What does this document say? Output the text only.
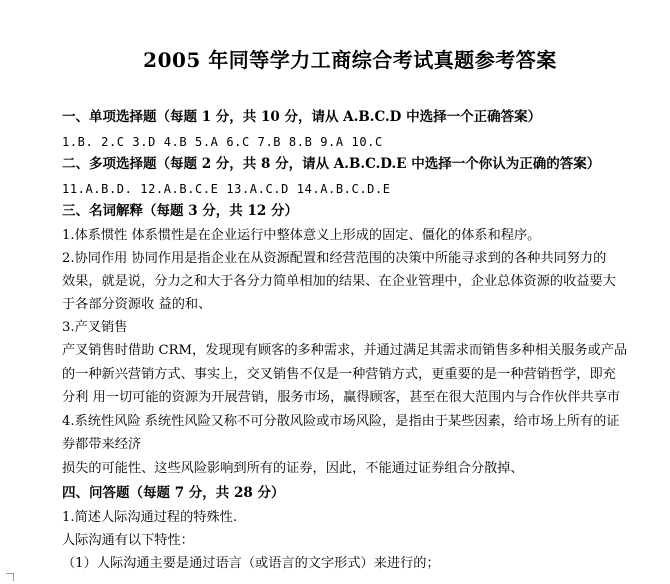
2005 年同等学力工商综合考试真题参考答案
一、单项选择题（每题 1 分，共 10 分，请从 A.B.C.D 中选择一个正确答案）
1.B. 2.C 3.D 4.B 5.A 6.C 7.B 8.B 9.A 10.C
二、多项选择题（每题 2 分，共 8 分，请从 A.B.C.D.E 中选择一个你认为正确的答案）
11.A.B.D. 12.A.B.C.E 13.A.C.D 14.A.B.C.D.E
三、名词解释（每题 3 分，共 12 分）
1.体系惯性 体系惯性是在企业运行中整体意义上形成的固定、僵化的体系和程序。
2.协同作用 协同作用是指企业在从资源配置和经营范围的决策中所能寻求到的各种共同努力的
效果，就是说，分力之和大于各分力简单相加的结果、在企业管理中，企业总体资源的收益要大
于各部分资源收 益的和、
3.产叉销售
产叉销售时借助 CRM，发现现有顾客的多种需求，并通过满足其需求而销售多种相关服务或产品
的一种新兴营销方式、事实上，交叉销售不仅是一种营销方式，更重要的是一种营销哲学，即充
分利 用一切可能的资源为开展营销，服务市场，赢得顾客，甚至在很大范围内与合作伙伴共享市
4.系统性风险 系统性风险又称不可分散风险或市场风险，是指由于某些因素，给市场上所有的证
券都带来经济
损失的可能性、这些风险影响到所有的证券，因此，不能通过证券组合分散掉、
四、问答题（每题 7 分，共 28 分）
1.简述人际沟通过程的特殊性.
人际沟通有以下特性：
（1）人际沟通主要是通过语言（或语言的文字形式）来进行的；
